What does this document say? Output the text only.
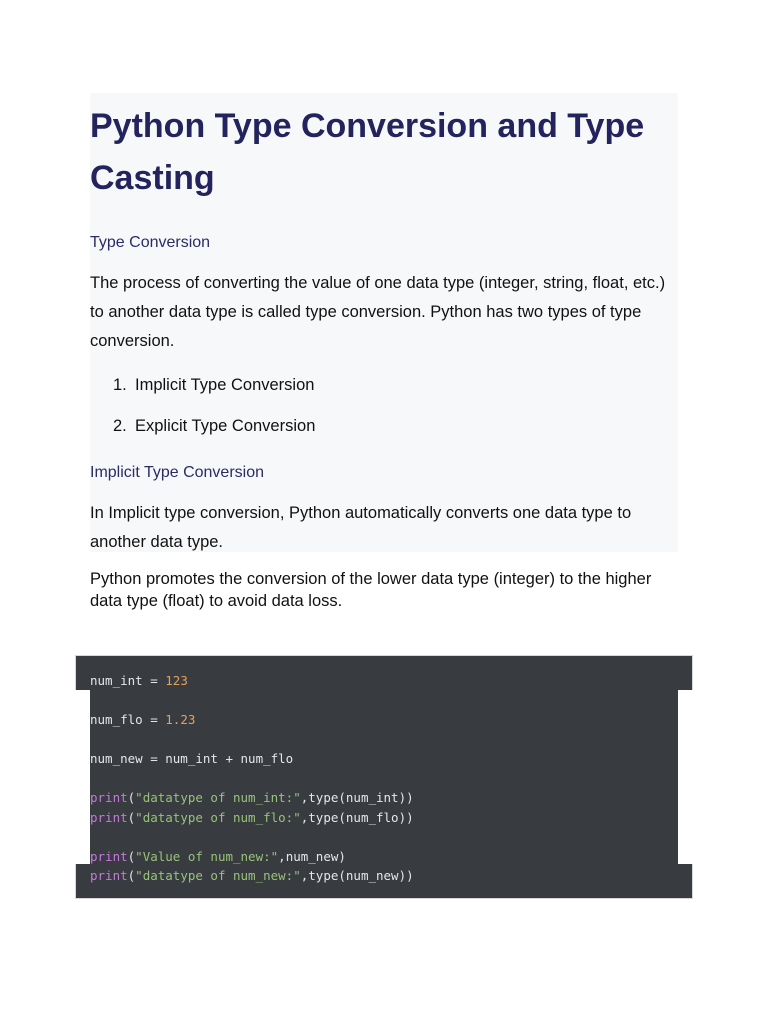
Python Type Conversion and Type Casting
Type Conversion

The process of converting the value of one data type (integer, string, float, etc.) to another data type is called type conversion. Python has two types of type conversion.

1. Implicit Type Conversion
2. Explicit Type Conversion
Implicit Type Conversion

In Implicit type conversion, Python automatically converts one data type to another data type.

Python promotes the conversion of the lower data type (integer) to the higher data type (float) to avoid data loss.

num_int = 123
num_flo = 1.23
num_new = num_int + num_flo
print("datatype of num_int:",type(num_int))
print("datatype of num_flo:",type(num_flo))
print("Value of num_new:",num_new)
print("datatype of num_new:",type(num_new))
